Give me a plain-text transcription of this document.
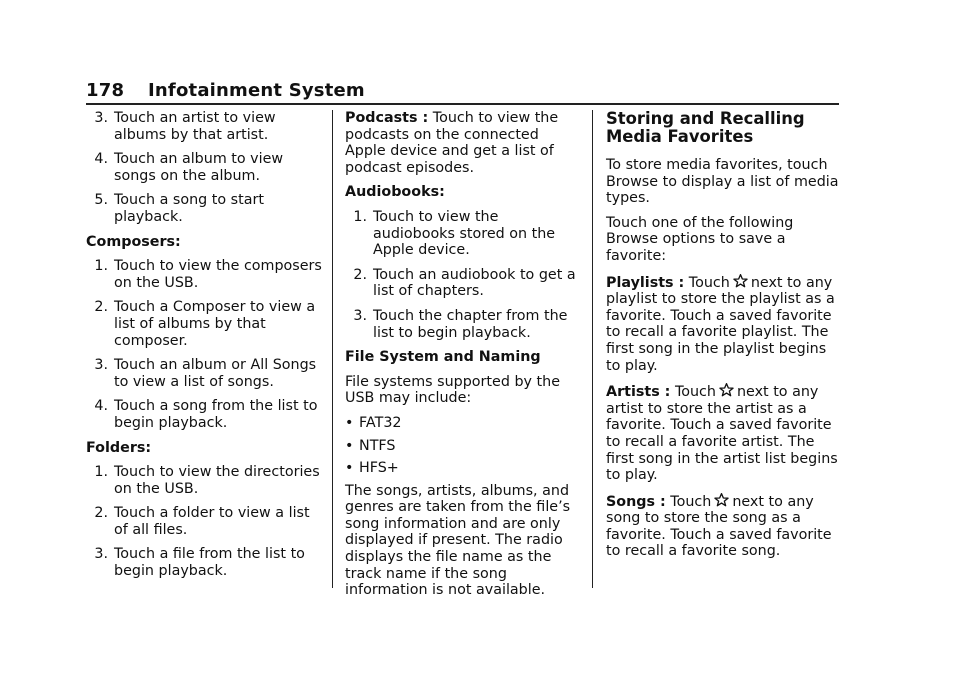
178 Infotainment System
3. Touch an artist to view albums by that artist.
4. Touch an album to view songs on the album.
5. Touch a song to start playback.

Composers:

1. Touch to view the composers on the USB.
2. Touch a Composer to view a list of albums by that composer.
3. Touch an album or All Songs to view a list of songs.
4. Touch a song from the list to begin playback.

Folders:

1. Touch to view the directories on the USB.
2. Touch a folder to view a list of all files.
3. Touch a file from the list to begin playback.

Podcasts : Touch to view the podcasts on the connected Apple device and get a list of podcast episodes.

Audiobooks:

1. Touch to view the audiobooks stored on the Apple device.
2. Touch an audiobook to get a list of chapters.
3. Touch the chapter from the list to begin playback.

File System and Naming

File systems supported by the USB may include:

• FAT32
• NTFS
• HFS+

The songs, artists, albums, and genres are taken from the file’s song information and are only displayed if present. The radio displays the file name as the track name if the song information is not available.

Storing and Recalling Media Favorites

To store media favorites, touch Browse to display a list of media types.

Touch one of the following Browse options to save a favorite:

Playlists : Touch next to any playlist to store the playlist as a favorite. Touch a saved favorite to recall a favorite playlist. The first song in the playlist begins to play.

Artists : Touch next to any artist to store the artist as a favorite. Touch a saved favorite to recall a favorite artist. The first song in the artist list begins to play.

Songs : Touch next to any song to store the song as a favorite. Touch a saved favorite to recall a favorite song.
